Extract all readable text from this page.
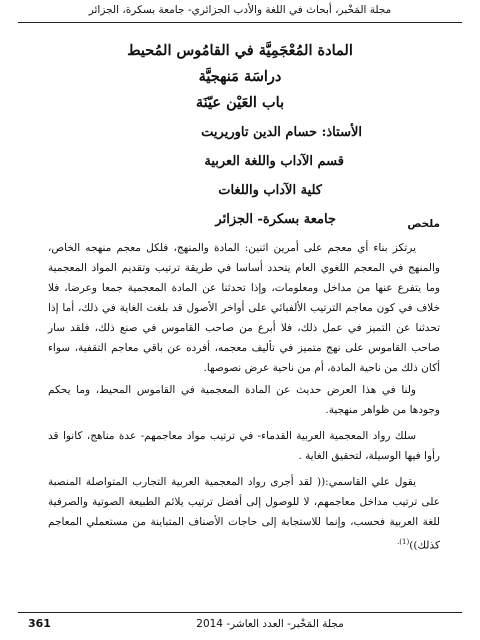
مجلة المَخْبر، أبحاث في اللغة والأدب الجزائري- جامعة بسكرة، الجزائر
المادة المُعْجَمِيَّة في القامُوس المُحيط
دراسَة مَنهجيَّة
باب العَيْن عيّنَة
الأستاذ: حسام الدين تاوريريت
قسم الآداب واللغة العربية
كلية الآداب واللغات
جامعة بسكرة- الجزائر	ملخص

يرتكز بناء أي معجم على أمرين اثنين: المادة والمنهج، فلكل معجم منهجه الخاص، والمنهج في المعجم اللغوي العام يتحدد أساسا في طريقة ترتيب وتقديم المواد المعجمية وما يتفرع عنها من مداخل ومعلومات، وإذا تحدثنا عن المادة المعجمية جمعا وعرضا، فلا خلاف في كون معاجم الترتيب الألفبائي على أواخر الأصول قد بلغت الغاية في ذلك، أما إذا تحدثنا عن التميز في عمل ذلك، فلا أبرع من صاحب القاموس في صنع ذلك، فلقد سار صاحب القاموس على نهج متميز في تأليف معجمه، أفرده عن باقي معاجم التقفية، سواء أكان ذلك من ناحية المادة، أم من ناحية عرض نصوصها.

ولنا في هذا العرض حديث عن المادة المعجمية في القاموس المحيط، وما يحكم وجودها من ظواهر منهجية.

سلك رواد المعجمية العربية القدماء- في ترتيب مواد معاجمهم- عدة مناهج، كانوا قد رأوا فيها الوسيلة، لتحقيق الغاية .

يقول علي القاسمي:(( لقد أجرى رواد المعجمية العربية التجارب المتواصلة المنصبة على ترتيب مداخل معاجمهم، لا للوصول إلى أفضل ترتيب يلائم الطبيعة الصوتية والصرفية للغة العربية فحسب، وإنما للاستجابة إلى حاجات الأصناف المتباينة من مستعملي المعاجم كذلك))$^{(1).}$

مجلة المَخْبر- العدد العاشر- 2014
361
